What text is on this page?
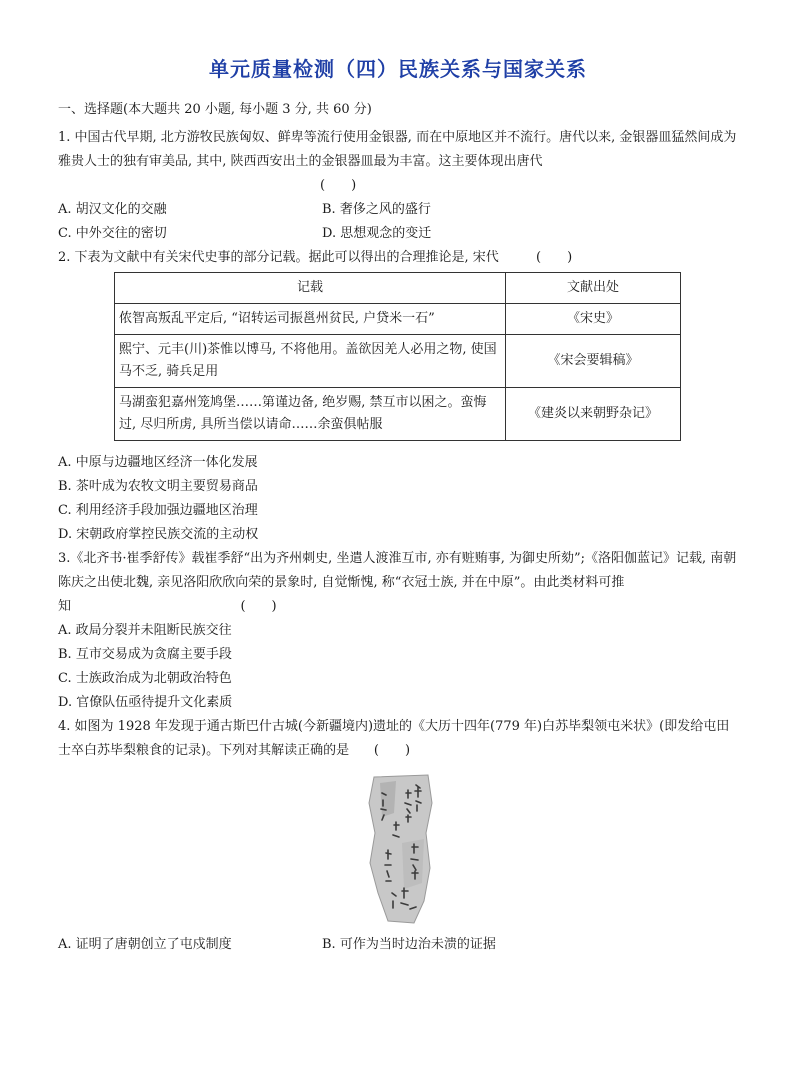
单元质量检测（四）民族关系与国家关系
一、选择题(本大题共 20 小题, 每小题 3 分, 共 60 分)

1. 中国古代早期, 北方游牧民族匈奴、鲜卑等流行使用金银器, 而在中原地区并不流行。唐代以来, 金银器皿猛然间成为雅贵人士的独有审美品, 其中, 陕西西安出土的金银器皿最为丰富。这主要体现出唐代

(　　)
A. 胡汉文化的交融	B. 奢侈之风的盛行
C. 中外交往的密切	D. 思想观念的变迁

2. 下表为文献中有关宋代史事的部分记载。据此可以得出的合理推论是, 宋代	(　　)

记载	文献出处
侬智高叛乱平定后, “诏转运司振邕州贫民, 户贷米一石”	《宋史》
熙宁、元丰(川)茶惟以博马, 不将他用。盖欲因羌人必用之物, 使国马不乏, 骑兵足用	《宋会要辑稿》
马湖蛮犯嘉州笼鸠堡……第谨边备, 绝岁赐, 禁互市以困之。蛮悔过, 尽归所虏, 具所当偿以请命……余蛮俱帖服	《建炎以来朝野杂记》
A. 中原与边疆地区经济一体化发展
B. 茶叶成为农牧文明主要贸易商品
C. 利用经济手段加强边疆地区治理
D. 宋朝政府掌控民族交流的主动权

3.《北齐书·崔季舒传》载崔季舒“出为齐州刺史, 坐遣人渡淮互市, 亦有赃贿事, 为御史所劾”;《洛阳伽蓝记》记载, 南朝陈庆之出使北魏, 亲见洛阳欣欣向荣的景象时, 自觉惭愧, 称“衣冠士族, 并在中原”。由此类材料可推知	(　　)

A. 政局分裂并未阻断民族交往
B. 互市交易成为贪腐主要手段
C. 士族政治成为北朝政治特色
D. 官僚队伍亟待提升文化素质

4. 如图为 1928 年发现于通古斯巴什古城(今新疆境内)遗址的《大历十四年(779 年)白苏毕梨领屯米状》(即发给屯田士卒白苏毕梨粮食的记录)。下列对其解读正确的是 (　　)

A. 证明了唐朝创立了屯戍制度	B. 可作为当时边治未溃的证据
